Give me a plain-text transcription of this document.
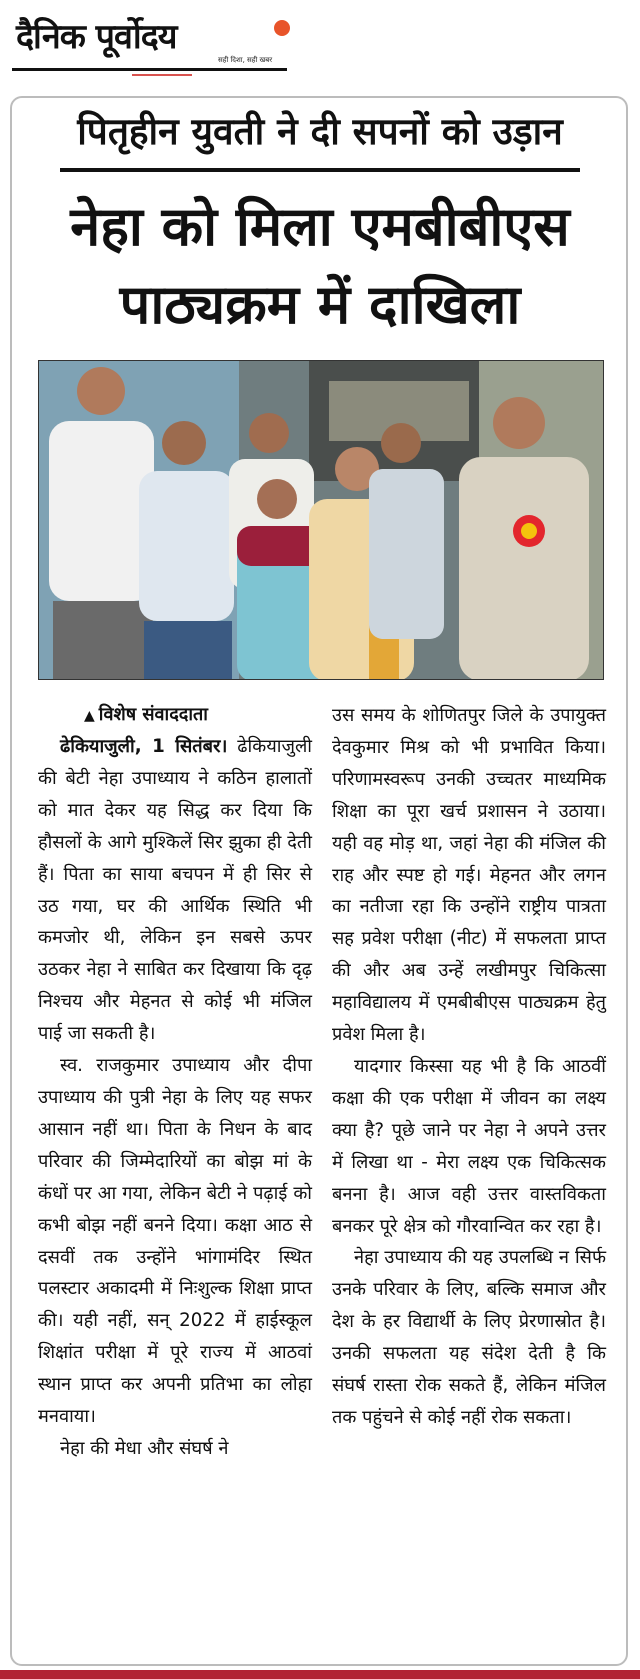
दैनिक पूर्वोदय
सही दिशा, सही खबर
पितृहीन युवती ने दी सपनों को उड़ान
नेहा को मिला एमबीबीएस पाठ्यक्रम में दाखिला
▲ विशेष संवाददाता

ढेकियाजुली, 1 सितंबर। ढेकियाजुली की बेटी नेहा उपाध्याय ने कठिन हालातों को मात देकर यह सिद्ध कर दिया कि हौसलों के आगे मुश्किलें सिर झुका ही देती हैं। पिता का साया बचपन में ही सिर से उठ गया, घर की आर्थिक स्थिति भी कमजोर थी, लेकिन इन सबसे ऊपर उठकर नेहा ने साबित कर दिखाया कि दृढ़ निश्चय और मेहनत से कोई भी मंजिल पाई जा सकती है।

स्व. राजकुमार उपाध्याय और दीपा उपाध्याय की पुत्री नेहा के लिए यह सफर आसान नहीं था। पिता के निधन के बाद परिवार की जिम्मेदारियों का बोझ मां के कंधों पर आ गया, लेकिन बेटी ने पढ़ाई को कभी बोझ नहीं बनने दिया। कक्षा आठ से दसवीं तक उन्होंने भांगामंदिर स्थित पलस्टार अकादमी में निःशुल्क शिक्षा प्राप्त की। यही नहीं, सन् 2022 में हाईस्कूल शिक्षांत परीक्षा में पूरे राज्य में आठवां स्थान प्राप्त कर अपनी प्रतिभा का लोहा मनवाया।

नेहा की मेधा और संघर्ष ने

उस समय के शोणितपुर जिले के उपायुक्त देवकुमार मिश्र को भी प्रभावित किया। परिणामस्वरूप उनकी उच्चतर माध्यमिक शिक्षा का पूरा खर्च प्रशासन ने उठाया। यही वह मोड़ था, जहां नेहा की मंजिल की राह और स्पष्ट हो गई। मेहनत और लगन का नतीजा रहा कि उन्होंने राष्ट्रीय पात्रता सह प्रवेश परीक्षा (नीट) में सफलता प्राप्त की और अब उन्हें लखीमपुर चिकित्सा महाविद्यालय में एमबीबीएस पाठ्यक्रम हेतु प्रवेश मिला है।

यादगार किस्सा यह भी है कि आठवीं कक्षा की एक परीक्षा में जीवन का लक्ष्य क्या है? पूछे जाने पर नेहा ने अपने उत्तर में लिखा था - मेरा लक्ष्य एक चिकित्सक बनना है। आज वही उत्तर वास्तविकता बनकर पूरे क्षेत्र को गौरवान्वित कर रहा है।

नेहा उपाध्याय की यह उपलब्धि न सिर्फ उनके परिवार के लिए, बल्कि समाज और देश के हर विद्यार्थी के लिए प्रेरणास्रोत है। उनकी सफलता यह संदेश देती है कि संघर्ष रास्ता रोक सकते हैं, लेकिन मंजिल तक पहुंचने से कोई नहीं रोक सकता।
